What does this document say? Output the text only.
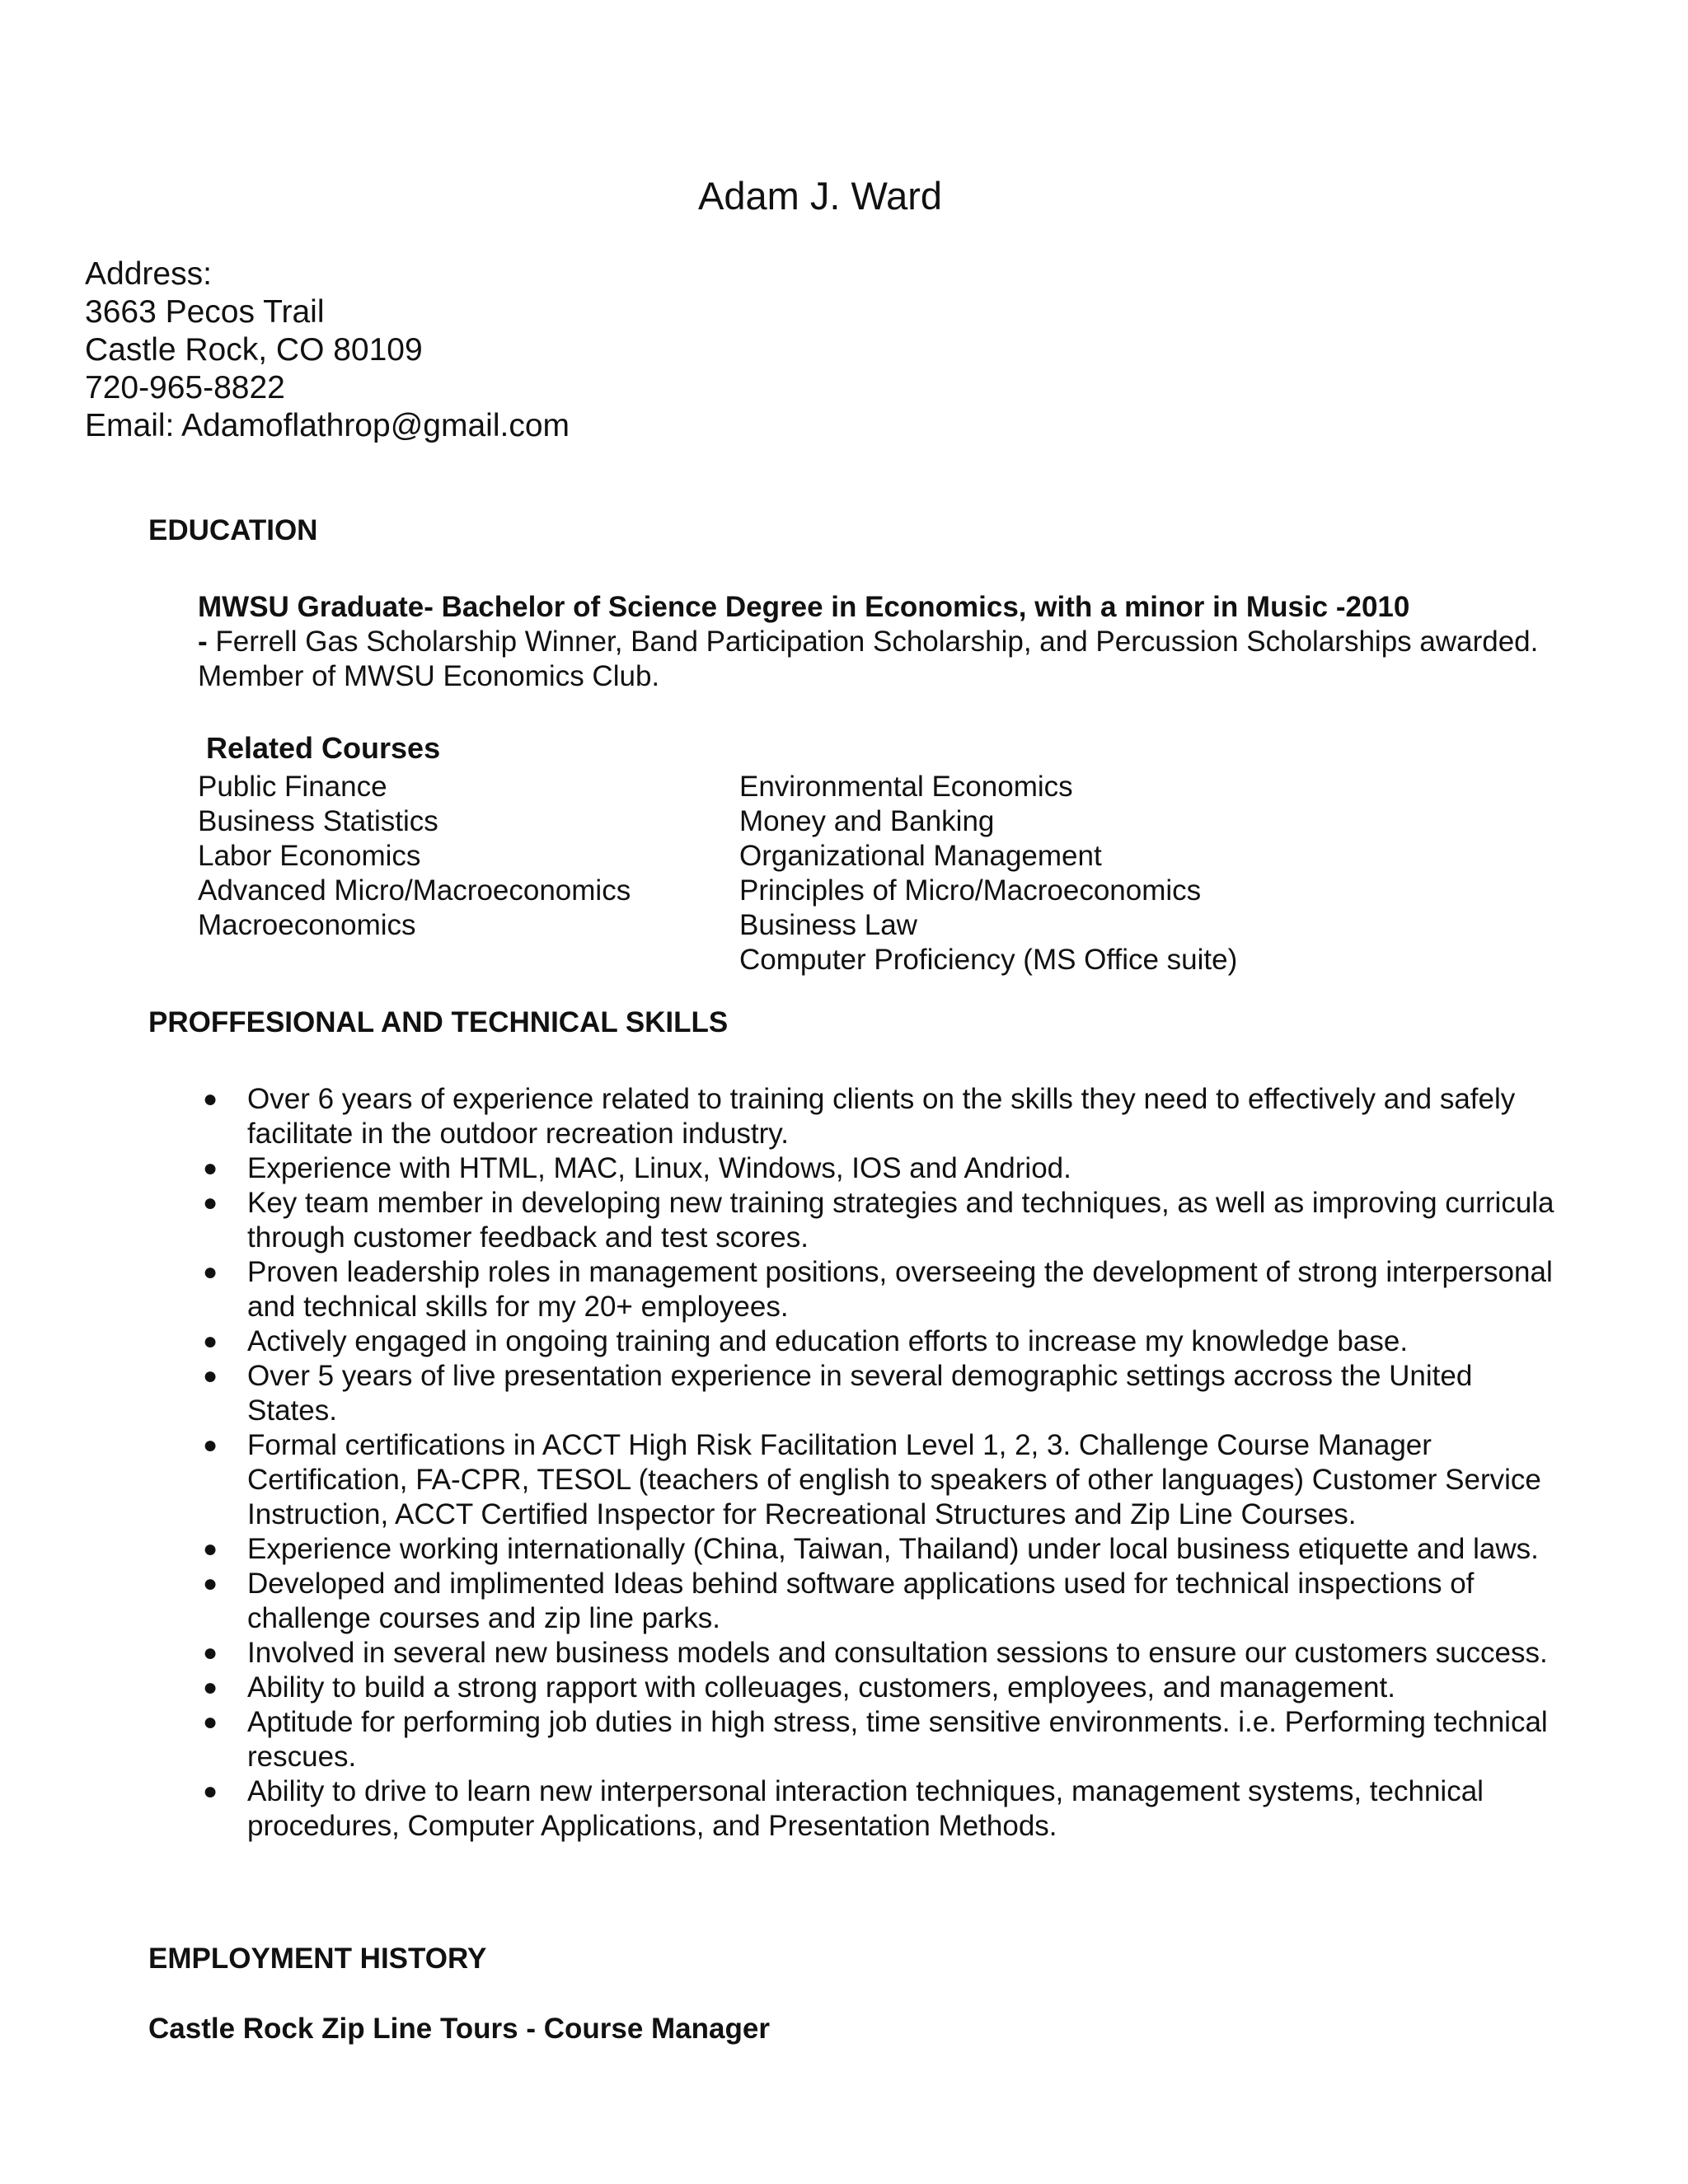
Adam J. Ward
Address:
3663 Pecos Trail
Castle Rock, CO 80109
720-965-8822
Email: Adamoflathrop@gmail.com
EDUCATION
MWSU Graduate- Bachelor of Science Degree in Economics, with a minor in Music -2010

- Ferrell Gas Scholarship Winner, Band Participation Scholarship, and Percussion Scholarships awarded. Member of MWSU Economics Club.

Related Courses
Public Finance
Business Statistics
Labor Economics
Advanced Micro/Macroeconomics
Macroeconomics
Environmental Economics
Money and Banking
Organizational Management
Principles of Micro/Macroeconomics
Business Law
Computer Proficiency (MS Office suite)
PROFFESIONAL AND TECHNICAL SKILLS
● Over 6 years of experience related to training clients on the skills they need to effectively and safely facilitate in the outdoor recreation industry.
● Experience with HTML, MAC, Linux, Windows, IOS and Andriod.
● Key team member in developing new training strategies and techniques, as well as improving curricula through customer feedback and test scores.
● Proven leadership roles in management positions, overseeing the development of strong interpersonal and technical skills for my 20+ employees.
● Actively engaged in ongoing training and education efforts to increase my knowledge base.
● Over 5 years of live presentation experience in several demographic settings accross the United States.
● Formal certifications in ACCT High Risk Facilitation Level 1, 2, 3. Challenge Course Manager Certification, FA-CPR, TESOL (teachers of english to speakers of other languages) Customer Service Instruction, ACCT Certified Inspector for Recreational Structures and Zip Line Courses.
● Experience working internationally (China, Taiwan, Thailand) under local business etiquette and laws.
● Developed and implimented Ideas behind software applications used for technical inspections of challenge courses and zip line parks.
● Involved in several new business models and consultation sessions to ensure our customers success.
● Ability to build a strong rapport with colleuages, customers, employees, and management.
● Aptitude for performing job duties in high stress, time sensitive environments. i.e. Performing technical rescues.
● Ability to drive to learn new interpersonal interaction techniques, management systems, technical procedures, Computer Applications, and Presentation Methods.
EMPLOYMENT HISTORY
Castle Rock Zip Line Tours - Course Manager
